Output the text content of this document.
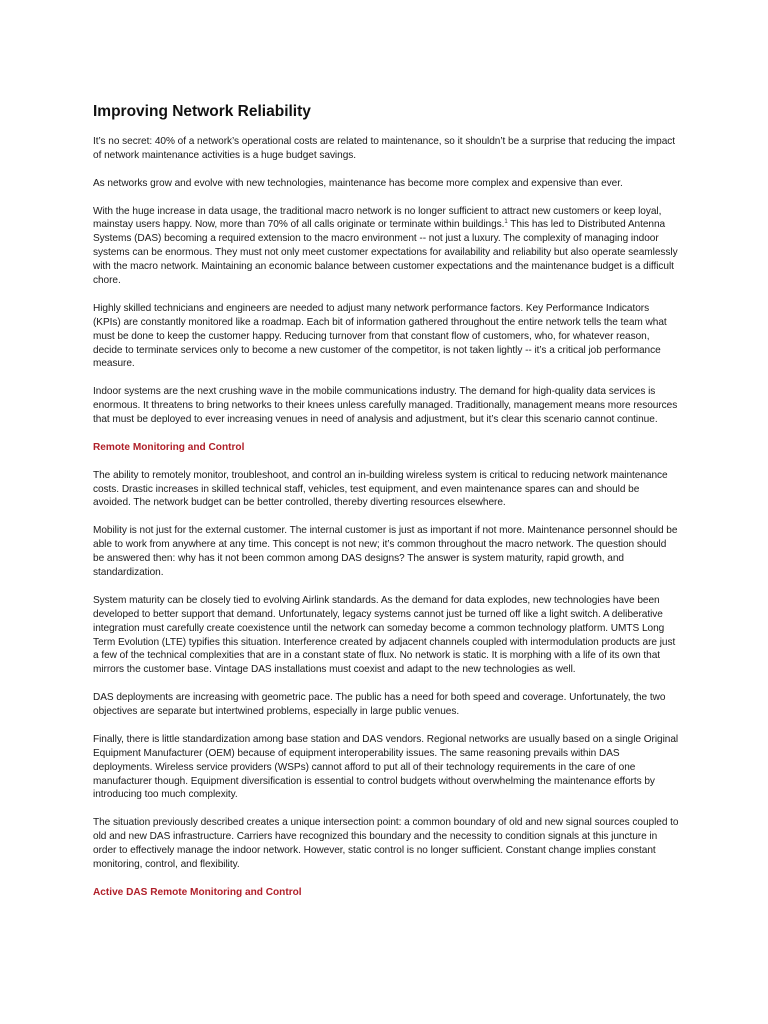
Improving Network Reliability

It’s no secret: 40% of a network’s operational costs are related to maintenance, so it shouldn’t be a surprise that reducing the impact of network maintenance activities is a huge budget savings.

As networks grow and evolve with new technologies, maintenance has become more complex and expensive than ever.

With the huge increase in data usage, the traditional macro network is no longer sufficient to attract new customers or keep loyal, mainstay users happy. Now, more than 70% of all calls originate or terminate within buildings.$^1$ This has led to Distributed Antenna Systems (DAS) becoming a required extension to the macro environment -- not just a luxury. The complexity of managing indoor systems can be enormous. They must not only meet customer expectations for availability and reliability but also operate seamlessly with the macro network. Maintaining an economic balance between customer expectations and the maintenance budget is a difficult chore.

Highly skilled technicians and engineers are needed to adjust many network performance factors. Key Performance Indicators (KPIs) are constantly monitored like a roadmap. Each bit of information gathered throughout the entire network tells the team what must be done to keep the customer happy. Reducing turnover from that constant flow of customers, who, for whatever reason, decide to terminate services only to become a new customer of the competitor, is not taken lightly -- it’s a critical job performance measure.

Indoor systems are the next crushing wave in the mobile communications industry. The demand for high-quality data services is enormous. It threatens to bring networks to their knees unless carefully managed. Traditionally, management means more resources that must be deployed to ever increasing venues in need of analysis and adjustment, but it’s clear this scenario cannot continue.

Remote Monitoring and Control

The ability to remotely monitor, troubleshoot, and control an in-building wireless system is critical to reducing network maintenance costs. Drastic increases in skilled technical staff, vehicles, test equipment, and even maintenance spares can and should be avoided. The network budget can be better controlled, thereby diverting resources elsewhere.

Mobility is not just for the external customer. The internal customer is just as important if not more. Maintenance personnel should be able to work from anywhere at any time. This concept is not new; it’s common throughout the macro network. The question should be answered then: why has it not been common among DAS designs? The answer is system maturity, rapid growth, and standardization.

System maturity can be closely tied to evolving Airlink standards. As the demand for data explodes, new technologies have been developed to better support that demand. Unfortunately, legacy systems cannot just be turned off like a light switch. A deliberative integration must carefully create coexistence until the network can someday become a common technology platform. UMTS Long Term Evolution (LTE) typifies this situation. Interference created by adjacent channels coupled with intermodulation products are just a few of the technical complexities that are in a constant state of flux. No network is static. It is morphing with a life of its own that mirrors the customer base. Vintage DAS installations must coexist and adapt to the new technologies as well.

DAS deployments are increasing with geometric pace. The public has a need for both speed and coverage. Unfortunately, the two objectives are separate but intertwined problems, especially in large public venues.

Finally, there is little standardization among base station and DAS vendors. Regional networks are usually based on a single Original Equipment Manufacturer (OEM) because of equipment interoperability issues. The same reasoning prevails within DAS deployments. Wireless service providers (WSPs) cannot afford to put all of their technology requirements in the care of one manufacturer though. Equipment diversification is essential to control budgets without overwhelming the maintenance efforts by introducing too much complexity.

The situation previously described creates a unique intersection point: a common boundary of old and new signal sources coupled to old and new DAS infrastructure. Carriers have recognized this boundary and the necessity to condition signals at this juncture in order to effectively manage the indoor network. However, static control is no longer sufficient. Constant change implies constant monitoring, control, and flexibility.

Active DAS Remote Monitoring and Control
